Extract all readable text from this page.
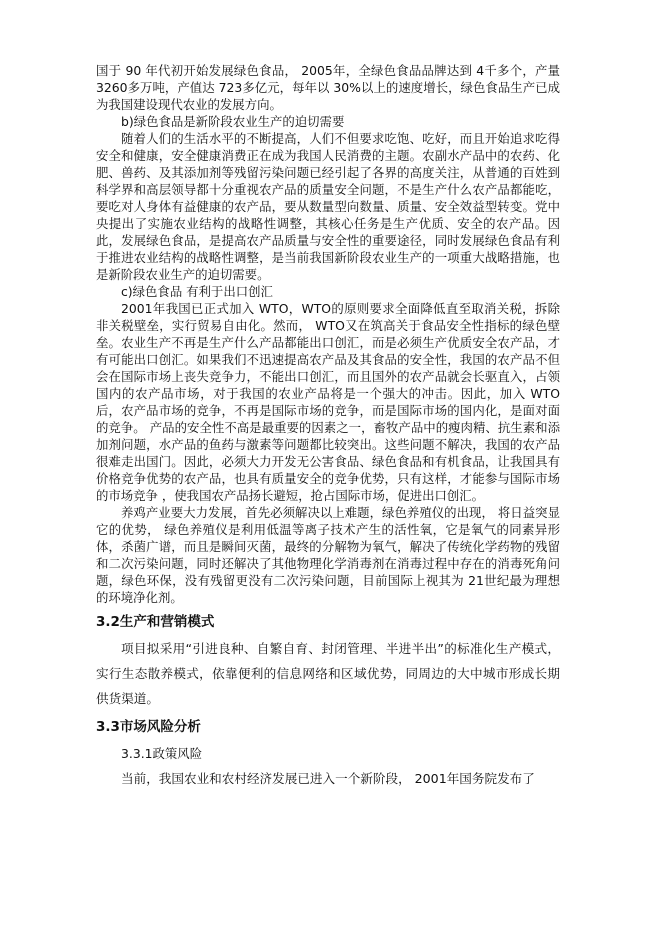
国于 90 年代初开始发展绿色食品， 2005年，全绿色食品品牌达到 4千多个，产量 3260多万吨，产值达 723多亿元，每年以 30%以上的速度增长，绿色食品生产已成为我国建设现代农业的发展方向。

b)绿色食品是新阶段农业生产的迫切需要

随着人们的生活水平的不断提高，人们不但要求吃饱、吃好，而且开始追求吃得安全和健康，安全健康消费正在成为我国人民消费的主题。农副水产品中的农药、化肥、兽药、及其添加剂等残留污染问题已经引起了各界的高度关注，从普通的百姓到科学界和高层领导都十分重视农产品的质量安全问题，不是生产什么农产品都能吃，要吃对人身体有益健康的农产品，要从数量型向数量、质量、安全效益型转变。党中央提出了实施农业结构的战略性调整，其核心任务是生产优质、安全的农产品。因此，发展绿色食品，是提高农产品质量与安全性的重要途径，同时发展绿色食品有利于推进农业结构的战略性调整，是当前我国新阶段农业生产的一项重大战略措施，也是新阶段农业生产的迫切需要。

c)绿色食品 有利于出口创汇

2001年我国已正式加入 WTO，WTO的原则要求全面降低直至取消关税，拆除非关税壁垒，实行贸易自由化。然而， WTO又在筑高关于食品安全性指标的绿色壁垒。农业生产不再是生产什么产品都能出口创汇，而是必须生产优质安全农产品，才有可能出口创汇。如果我们不迅速提高农产品及其食品的安全性，我国的农产品不但会在国际市场上丧失竞争力，不能出口创汇，而且国外的农产品就会长驱直入，占领国内的农产品市场，对于我国的农业产品将是一个强大的冲击。因此，加入 WTO后，农产品市场的竞争，不再是国际市场的竞争，而是国际市场的国内化，是面对面的竞争。 产品的安全性不高是最重要的因素之一，畜牧产品中的瘦肉精、抗生素和添加剂问题，水产品的鱼药与激素等问题都比较突出。这些问题不解决，我国的农产品很难走出国门。因此，必须大力开发无公害食品、绿色食品和有机食品，让我国具有价格竞争优势的农产品，也具有质量安全的竞争优势，只有这样，才能参与国际市场的市场竞争 ，使我国农产品扬长避短，抢占国际市场，促进出口创汇。

养鸡产业要大力发展，首先必须解决以上难题，绿色养殖仪的出现， 将日益突显它的优势， 绿色养殖仪是利用低温等离子技术产生的活性氧，它是氧气的同素异形体，杀菌广谱，而且是瞬间灭菌，最终的分解物为氧气，解决了传统化学药物的残留和二次污染问题，同时还解决了其他物理化学消毒剂在消毒过程中存在的消毒死角问题，绿色环保，没有残留更没有二次污染问题，目前国际上视其为 21世纪最为理想的环境净化剂。

3.2生产和营销模式

项目拟采用“引进良种、自繁自育、封闭管理、半进半出”的标准化生产模式，实行生态散养模式，依靠便利的信息网络和区域优势，同周边的大中城市形成长期供货渠道。

3.3市场风险分析

3.3.1政策风险

当前，我国农业和农村经济发展已进入一个新阶段， 2001年国务院发布了
